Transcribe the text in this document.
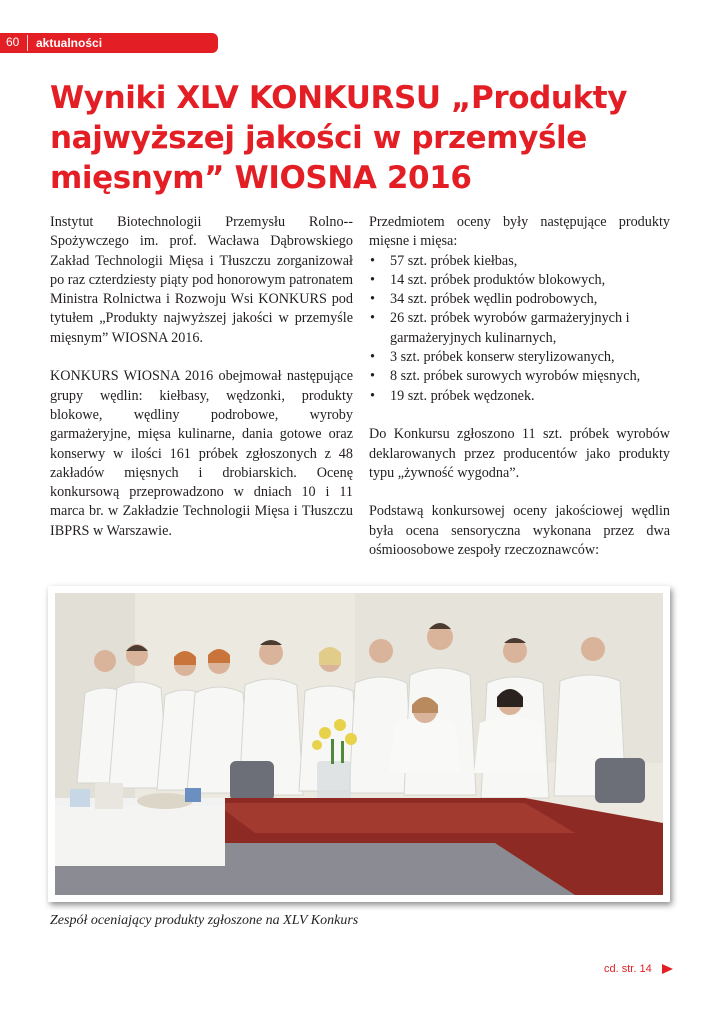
60 aktualności
Wyniki XLV KONKURSU „Produkty najwyższej jakości w przemyśle mięsnym” WIOSNA 2016

Instytut Biotechnologii Przemysłu Rolno--Spożywczego im. prof. Wacława Dąbrowskiego Zakład Technologii Mięsa i Tłuszczu zorganizował po raz czterdziesty piąty pod honorowym patronatem Ministra Rolnictwa i Rozwoju Wsi KONKURS pod tytułem „Produkty najwyższej jakości w przemyśle mięsnym” WIOSNA 2016.

KONKURS WIOSNA 2016 obejmował następujące grupy wędlin: kiełbasy, wędzonki, produkty blokowe, wędliny podrobowe, wyroby garmażeryjne, mięsa kulinarne, dania gotowe oraz konserwy w ilości 161 próbek zgłoszonych z 48 zakładów mięsnych i drobiarskich. Ocenę konkursową przeprowadzono w dniach 10 i 11 marca br. w Zakładzie Technologii Mięsa i Tłuszczu IBPRS w Warszawie.

Przedmiotem oceny były następujące produkty mięsne i mięsa:

• 57 szt. próbek kiełbas,
• 14 szt. próbek produktów blokowych,
• 34 szt. próbek wędlin podrobowych,
• 26 szt. próbek wyrobów garmażeryjnych i garmażeryjnych kulinarnych,
• 3 szt. próbek konserw sterylizowanych,
• 8 szt. próbek surowych wyrobów mięsnych,
• 19 szt. próbek wędzonek.

Do Konkursu zgłoszono 11 szt. próbek wyrobów deklarowanych przez producentów jako produkty typu „żywność wygodna”.

Podstawą konkursowej oceny jakościowej wędlin była ocena sensoryczna wykonana przez dwa ośmioosobowe zespoły rzeczoznawców:

Zespół oceniający produkty zgłoszone na XLV Konkurs
cd. str. 14
